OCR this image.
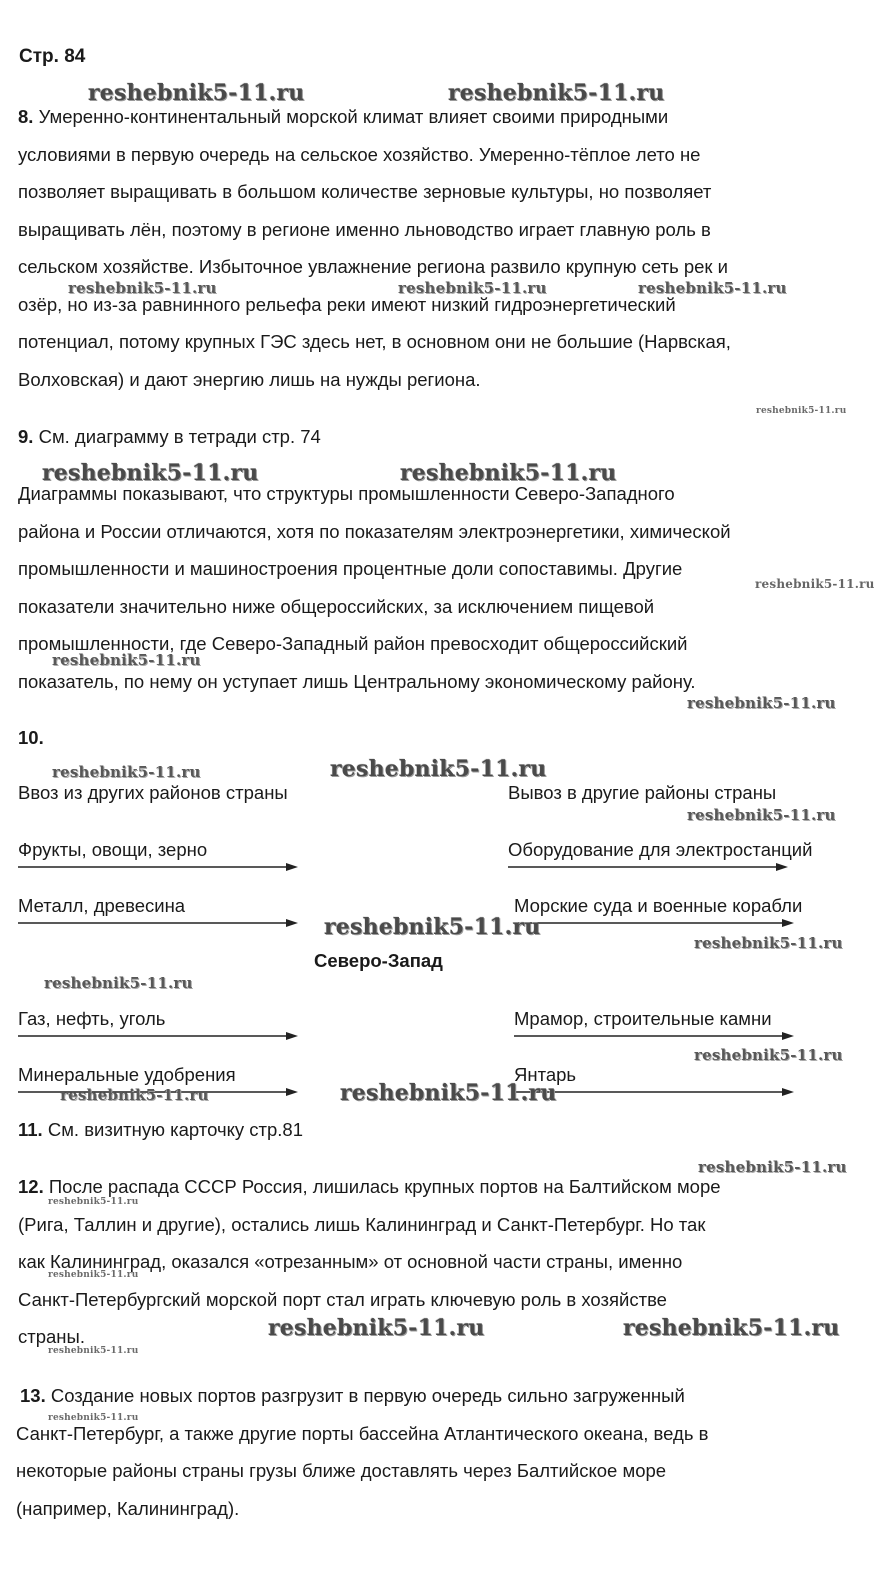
Стр. 84

8. Умеренно-континентальный морской климат влияет своими природными
условиями в первую очередь на сельское хозяйство. Умеренно-тёплое лето не
позволяет выращивать в большом количестве зерновые культуры, но позволяет
выращивать лён, поэтому в регионе именно льноводство играет главную роль в
сельском хозяйстве. Избыточное увлажнение региона развило крупную сеть рек и
озёр, но из-за равнинного рельефа реки имеют низкий гидроэнергетический
потенциал, потому крупных ГЭС здесь нет, в основном они не большие (Нарвская,
Волховская) и дают энергию лишь на нужды региона.

9. См. диаграмму в тетради стр. 74

Диаграммы показывают, что структуры промышленности Северо-Западного
района и России отличаются, хотя по показателям электроэнергетики, химической
промышленности и машиностроения процентные доли сопоставимы. Другие
показатели значительно ниже общероссийских, за исключением пищевой
промышленности, где Северо-Западный район превосходит общероссийский
показатель, по нему он уступает лишь Центральному экономическому району.

10.

Ввоз из других районов страны	Вывоз в другие районы страны

Фрукты, овощи, зерно
Металл, древесина
Газ, нефть, уголь
Минеральные удобрения

Северо-Запад

Оборудование для электростанций
Морские суда и военные корабли
Мрамор, строительные камни
Янтарь

11. См. визитную карточку стр.81

12. После распада СССР Россия, лишилась крупных портов на Балтийском море
(Рига, Таллин и другие), остались лишь Калининград и Санкт-Петербург. Но так
как Калининград, оказался «отрезанным» от основной части страны, именно
Санкт-Петербургский морской порт стал играть ключевую роль в хозяйстве
страны.
13. Создание новых портов разгрузит в первую очередь сильно загруженный
Санкт-Петербург, а также другие порты бассейна Атлантического океана, ведь в
некоторые районы страны грузы ближе доставлять через Балтийское море
(например, Калининград).
reshebnik5-11.ru	reshebnik5-11.ru
reshebnik5-11.ru	reshebnik5-11.ru	reshebnik5-11.ru
reshebnik5-11.ru
reshebnik5-11.ru	reshebnik5-11.ru
reshebnik5-11.ru
reshebnik5-11.ru
reshebnik5-11.ru
reshebnik5-11.ru	reshebnik5-11.ru
reshebnik5-11.ru
reshebnik5-11.ru
reshebnik5-11.ru
reshebnik5-11.ru
reshebnik5-11.ru
reshebnik5-11.ru	reshebnik5-11.ru
reshebnik5-11.ru
reshebnik5-11.ru
reshebnik5-11.ru
reshebnik5-11.ru	reshebnik5-11.ru
reshebnik5-11.ru
reshebnik5-11.ru
